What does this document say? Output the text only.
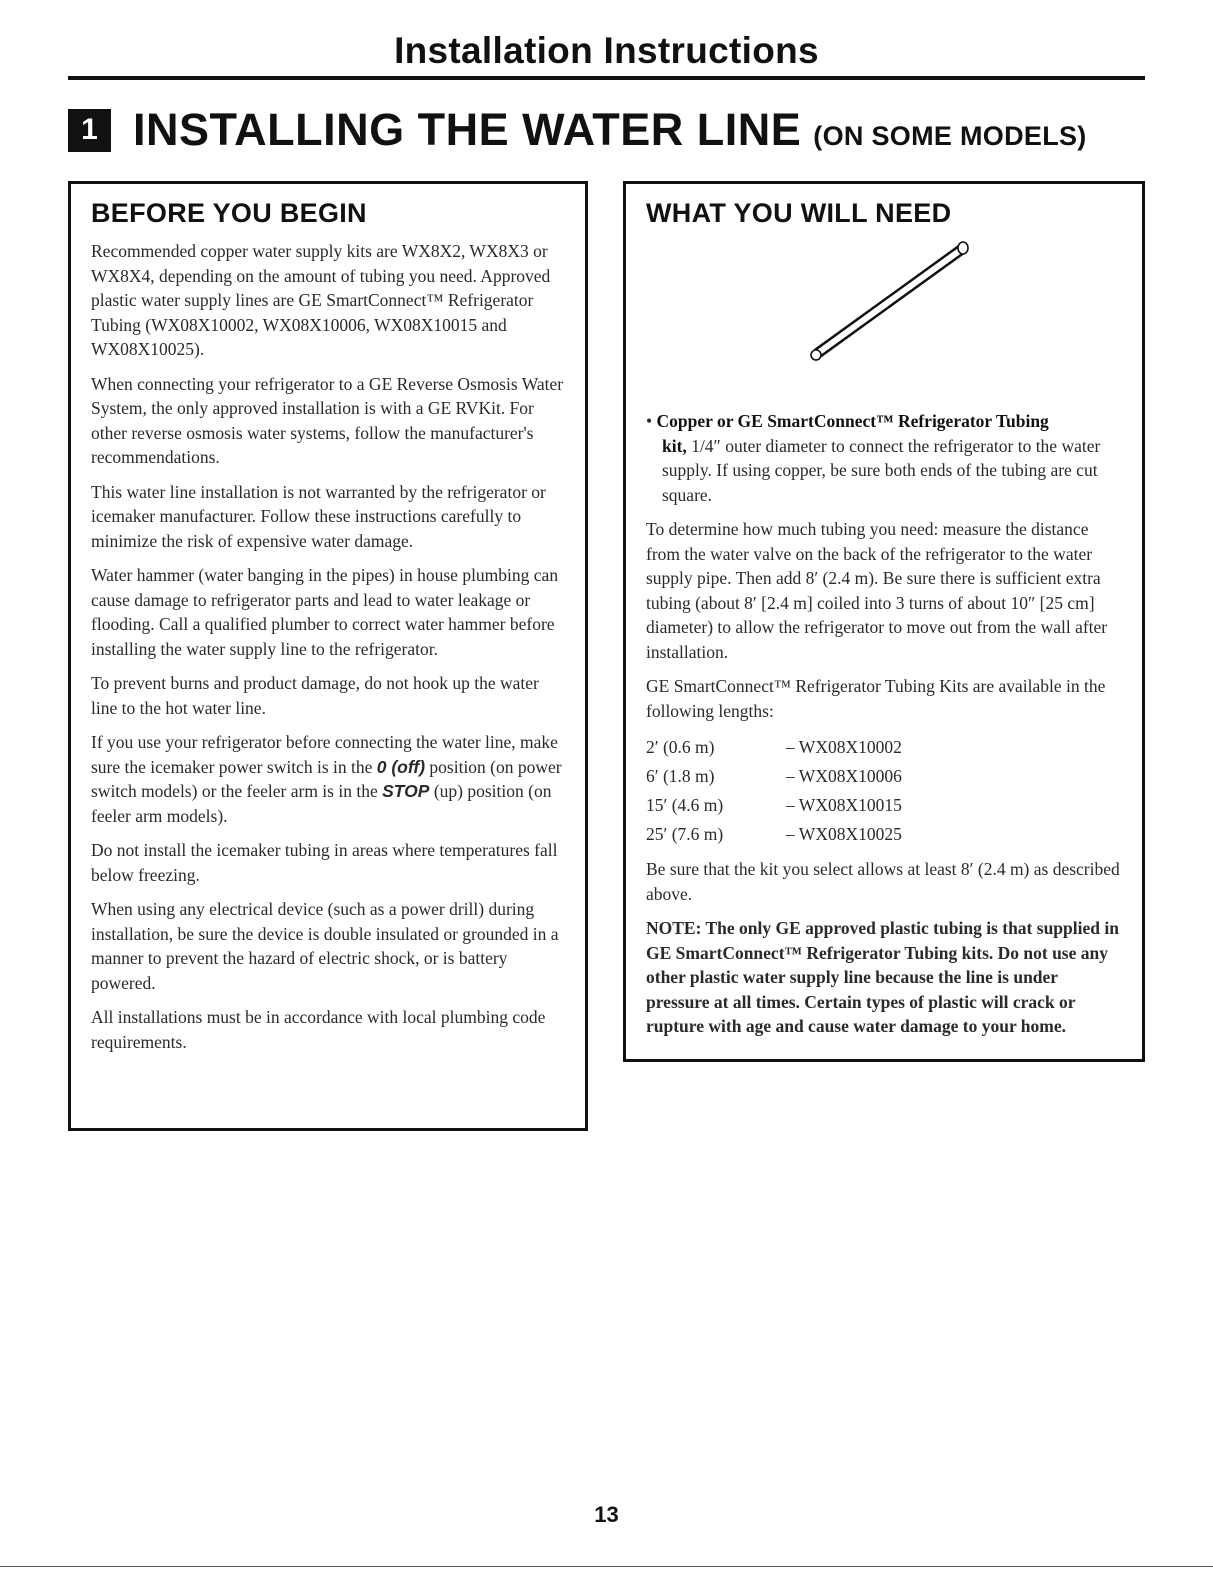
Installation Instructions
1 INSTALLING THE WATER LINE (ON SOME MODELS)
BEFORE YOU BEGIN

Recommended copper water supply kits are WX8X2, WX8X3 or WX8X4, depending on the amount of tubing you need. Approved plastic water supply lines are GE SmartConnect™ Refrigerator Tubing (WX08X10002, WX08X10006, WX08X10015 and WX08X10025).

When connecting your refrigerator to a GE Reverse Osmosis Water System, the only approved installation is with a GE RVKit. For other reverse osmosis water systems, follow the manufacturer's recommendations.

This water line installation is not warranted by the refrigerator or icemaker manufacturer. Follow these instructions carefully to minimize the risk of expensive water damage.

Water hammer (water banging in the pipes) in house plumbing can cause damage to refrigerator parts and lead to water leakage or flooding. Call a qualified plumber to correct water hammer before installing the water supply line to the refrigerator.

To prevent burns and product damage, do not hook up the water line to the hot water line.

If you use your refrigerator before connecting the water line, make sure the icemaker power switch is in the 0 (off) position (on power switch models) or the feeler arm is in the STOP (up) position (on feeler arm models).

Do not install the icemaker tubing in areas where temperatures fall below freezing.

When using any electrical device (such as a power drill) during installation, be sure the device is double insulated or grounded in a manner to prevent the hazard of electric shock, or is battery powered.

All installations must be in accordance with local plumbing code requirements.

WHAT YOU WILL NEED

• Copper or GE SmartConnect™ Refrigerator Tubing
kit, 1/4″ outer diameter to connect the refrigerator to the water supply. If using copper, be sure both ends of the tubing are cut square.

To determine how much tubing you need: measure the distance from the water valve on the back of the refrigerator to the water supply pipe. Then add 8′ (2.4 m). Be sure there is sufficient extra tubing (about 8′ [2.4 m] coiled into 3 turns of about 10″ [25 cm] diameter) to allow the refrigerator to move out from the wall after installation.

GE SmartConnect™ Refrigerator Tubing Kits are available in the following lengths:

2′ (0.6 m)	– WX08X10002
6′ (1.8 m)	– WX08X10006
15′ (4.6 m)	– WX08X10015
25′ (7.6 m)	– WX08X10025

Be sure that the kit you select allows at least 8′ (2.4 m) as described above.

NOTE: The only GE approved plastic tubing is that supplied in GE SmartConnect™ Refrigerator Tubing kits. Do not use any other plastic water supply line because the line is under pressure at all times. Certain types of plastic will crack or rupture with age and cause water damage to your home.

13
